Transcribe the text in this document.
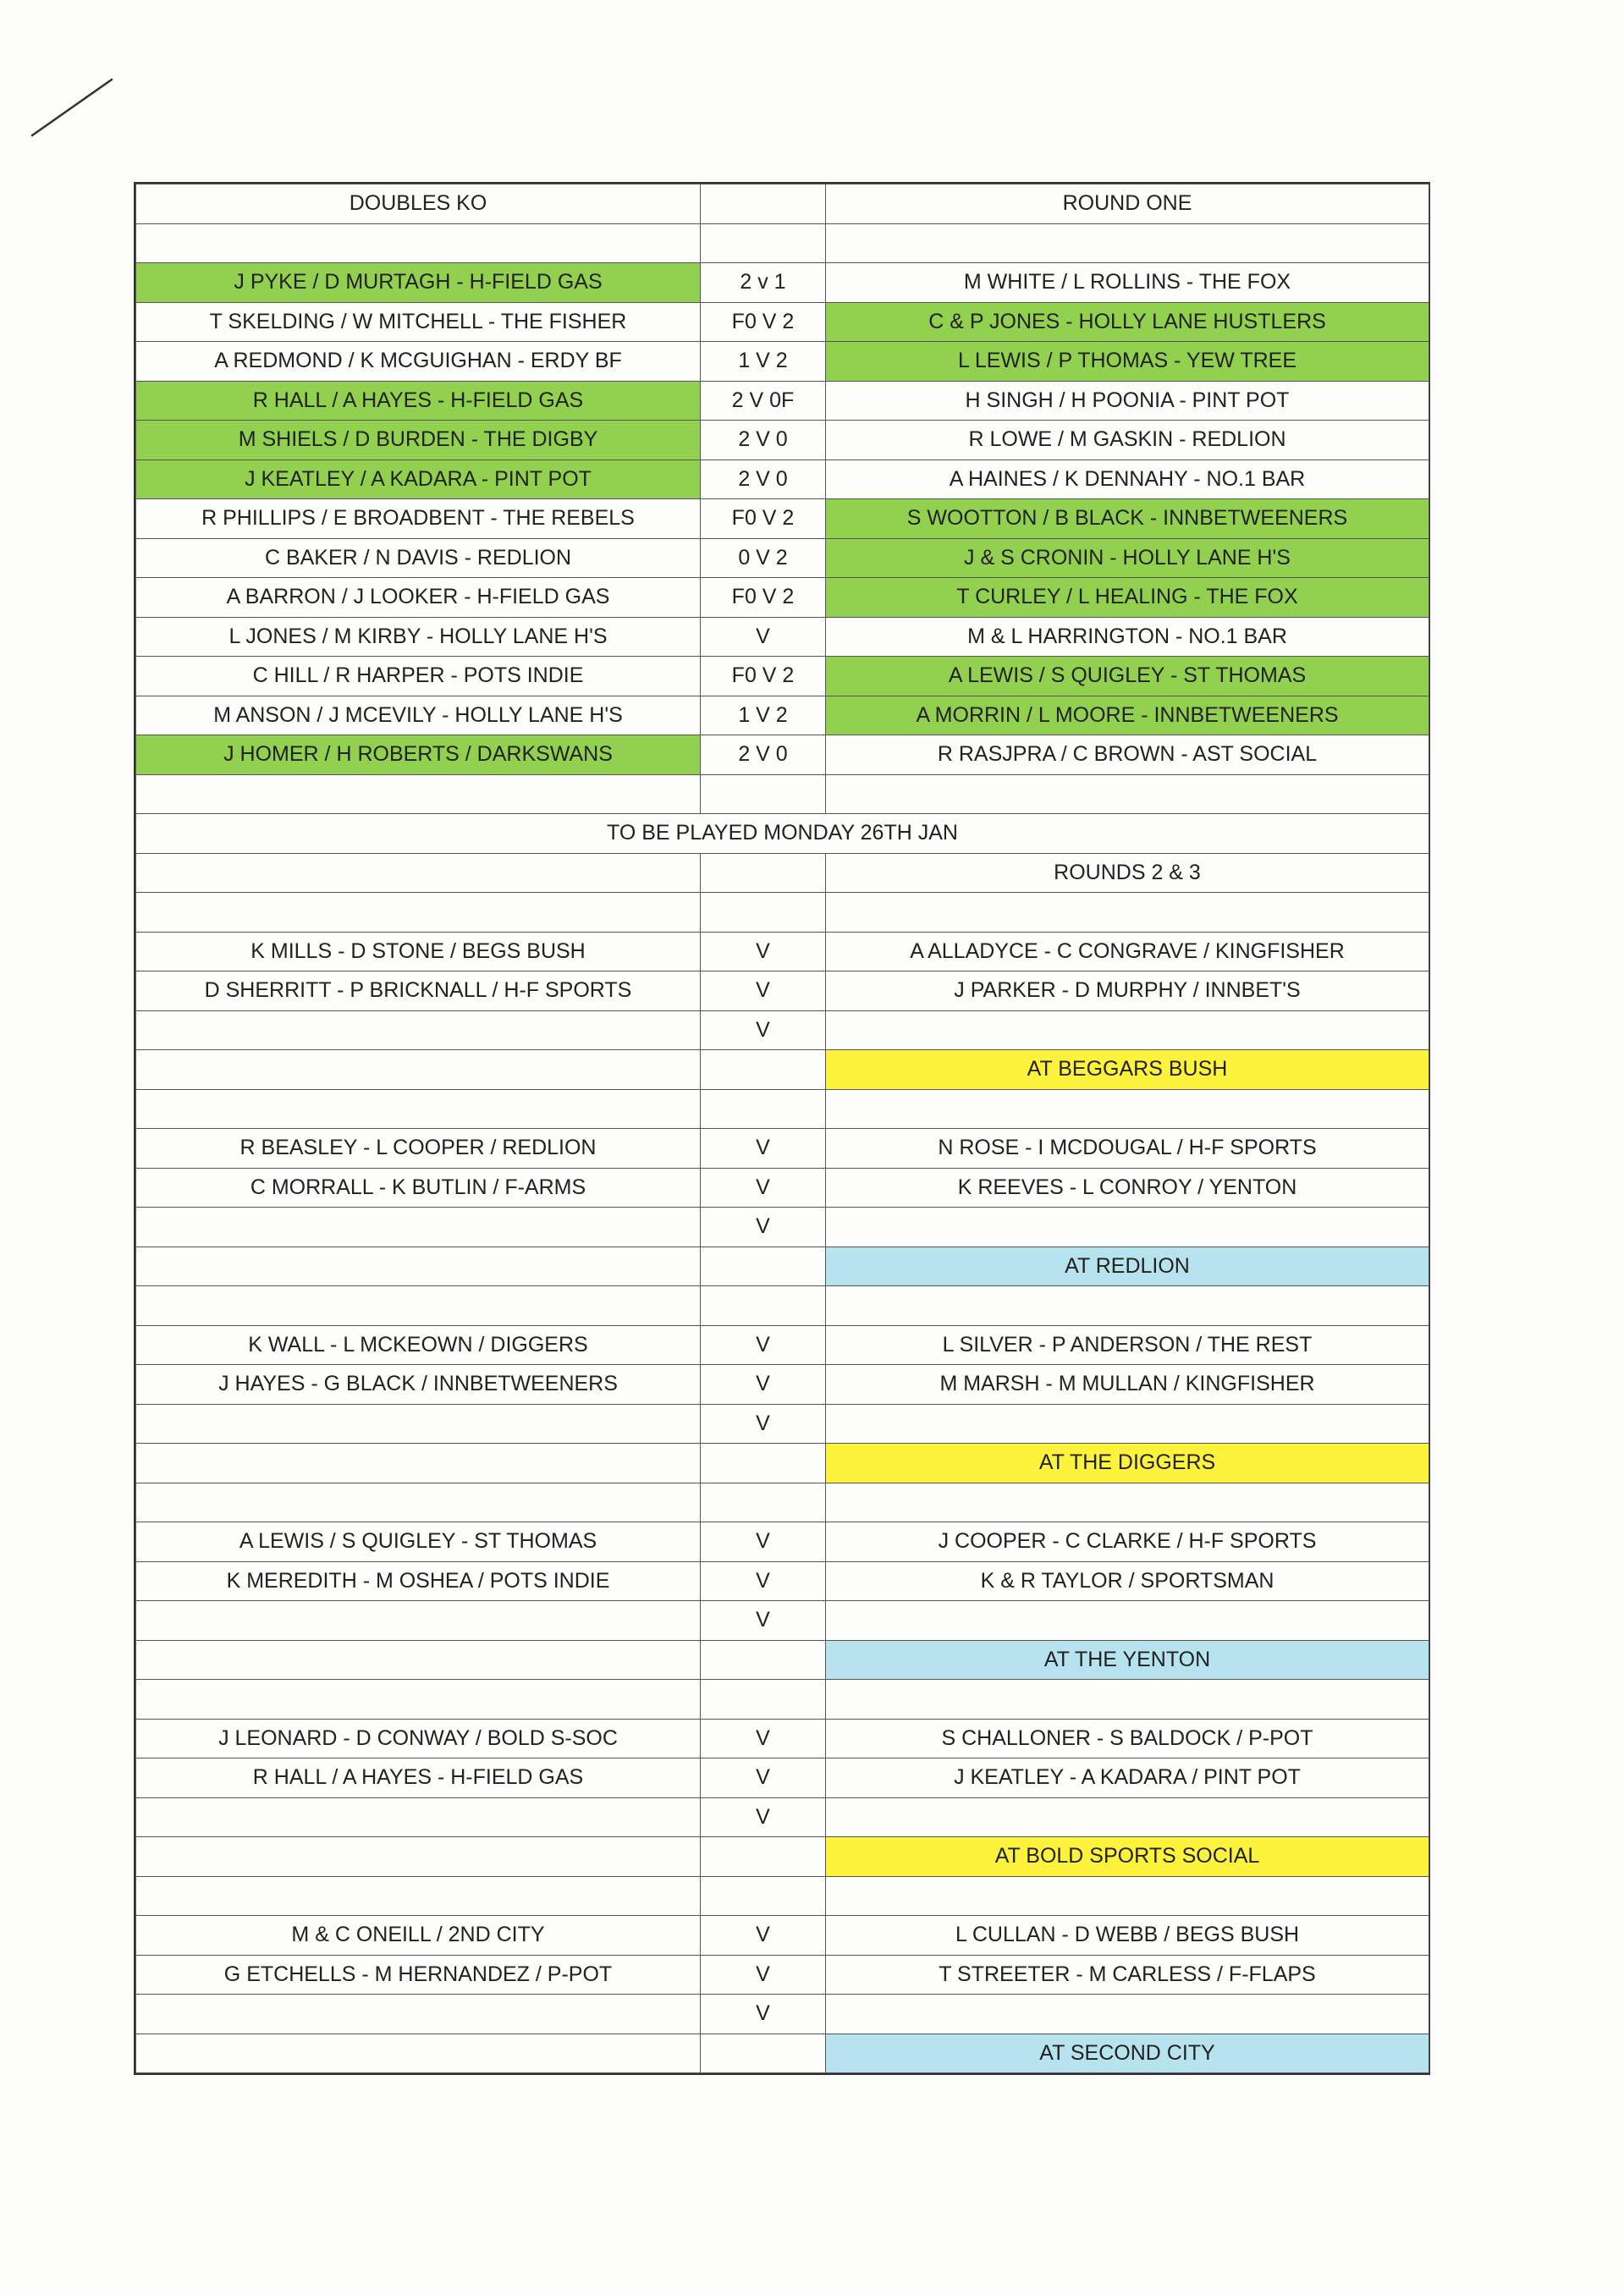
DOUBLES KO		ROUND ONE

J PYKE / D MURTAGH - H-FIELD GAS	2 v 1	M WHITE / L ROLLINS - THE FOX
T SKELDING / W MITCHELL - THE FISHER	F0 V 2	C & P JONES - HOLLY LANE HUSTLERS
A REDMOND / K MCGUIGHAN - ERDY BF	1 V 2	L LEWIS / P THOMAS - YEW TREE
R HALL / A HAYES - H-FIELD GAS	2 V 0F	H SINGH / H POONIA - PINT POT
M SHIELS / D BURDEN - THE DIGBY	2 V 0	R LOWE / M GASKIN - REDLION
J KEATLEY / A KADARA - PINT POT	2 V 0	A HAINES / K DENNAHY - NO.1 BAR
R PHILLIPS / E BROADBENT - THE REBELS	F0 V 2	S WOOTTON / B BLACK - INNBETWEENERS
C BAKER / N DAVIS - REDLION	0 V 2	J & S CRONIN - HOLLY LANE H'S
A BARRON / J LOOKER - H-FIELD GAS	F0 V 2	T CURLEY / L HEALING - THE FOX
L JONES / M KIRBY - HOLLY LANE H'S	V	M & L HARRINGTON - NO.1 BAR
C HILL / R HARPER - POTS INDIE	F0 V 2	A LEWIS / S QUIGLEY - ST THOMAS
M ANSON / J MCEVILY - HOLLY LANE H'S	1 V 2	A MORRIN / L MOORE - INNBETWEENERS
J HOMER / H ROBERTS / DARKSWANS	2 V 0	R RASJPRA / C BROWN - AST SOCIAL

TO BE PLAYED MONDAY 26TH JAN		
		ROUNDS 2 & 3

K MILLS - D STONE / BEGS BUSH	V	A ALLADYCE - C CONGRAVE / KINGFISHER
D SHERRITT - P BRICKNALL / H-F SPORTS	V	J PARKER - D MURPHY / INNBET'S
	V	
		AT BEGGARS BUSH

R BEASLEY - L COOPER / REDLION	V	N ROSE - I MCDOUGAL / H-F SPORTS
C MORRALL - K BUTLIN / F-ARMS	V	K REEVES - L CONROY / YENTON
	V	
		AT REDLION

K WALL - L MCKEOWN / DIGGERS	V	L SILVER - P ANDERSON / THE REST
J HAYES - G BLACK / INNBETWEENERS	V	M MARSH - M MULLAN / KINGFISHER
	V	
		AT THE DIGGERS

A LEWIS / S QUIGLEY - ST THOMAS	V	J COOPER - C CLARKE / H-F SPORTS
K MEREDITH - M OSHEA / POTS INDIE	V	K & R TAYLOR / SPORTSMAN
	V	
		AT THE YENTON

J LEONARD - D CONWAY / BOLD S-SOC	V	S CHALLONER - S BALDOCK / P-POT
R HALL / A HAYES - H-FIELD GAS	V	J KEATLEY - A KADARA / PINT POT
	V	
		AT BOLD SPORTS SOCIAL

M & C ONEILL / 2ND CITY	V	L CULLAN - D WEBB / BEGS BUSH
G ETCHELLS - M HERNANDEZ / P-POT	V	T STREETER - M CARLESS / F-FLAPS
	V	
		AT SECOND CITY
